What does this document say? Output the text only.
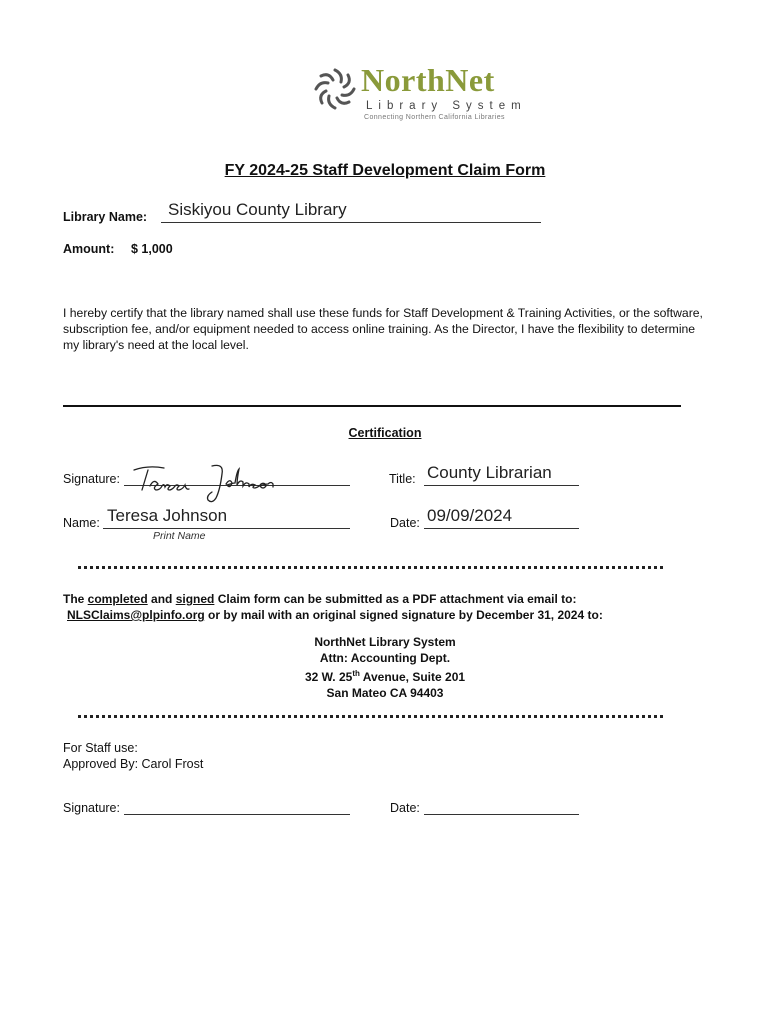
NorthNet
Library System
Connecting Northern California Libraries
FY 2024-25 Staff Development Claim Form
Library Name: Siskiyou County Library
Amount: $ 1,000
I hereby certify that the library named shall use these funds for Staff Development & Training Activities, or the software, subscription fee, and/or equipment needed to access online training. As the Director, I have the flexibility to determine my library's need at the local level.
Certification
Signature:	Title: County Librarian
Name: Teresa Johnson
Print Name
Date: 09/09/2024
The completed and signed Claim form can be submitted as a PDF attachment via email to:
NLSClaims@plpinfo.org or by mail with an original signed signature by December 31, 2024 to:
NorthNet Library System
Attn: Accounting Dept.
32 W. 25th Avenue, Suite 201
San Mateo CA 94403
For Staff use:
Approved By: Carol Frost
Signature:	Date:
